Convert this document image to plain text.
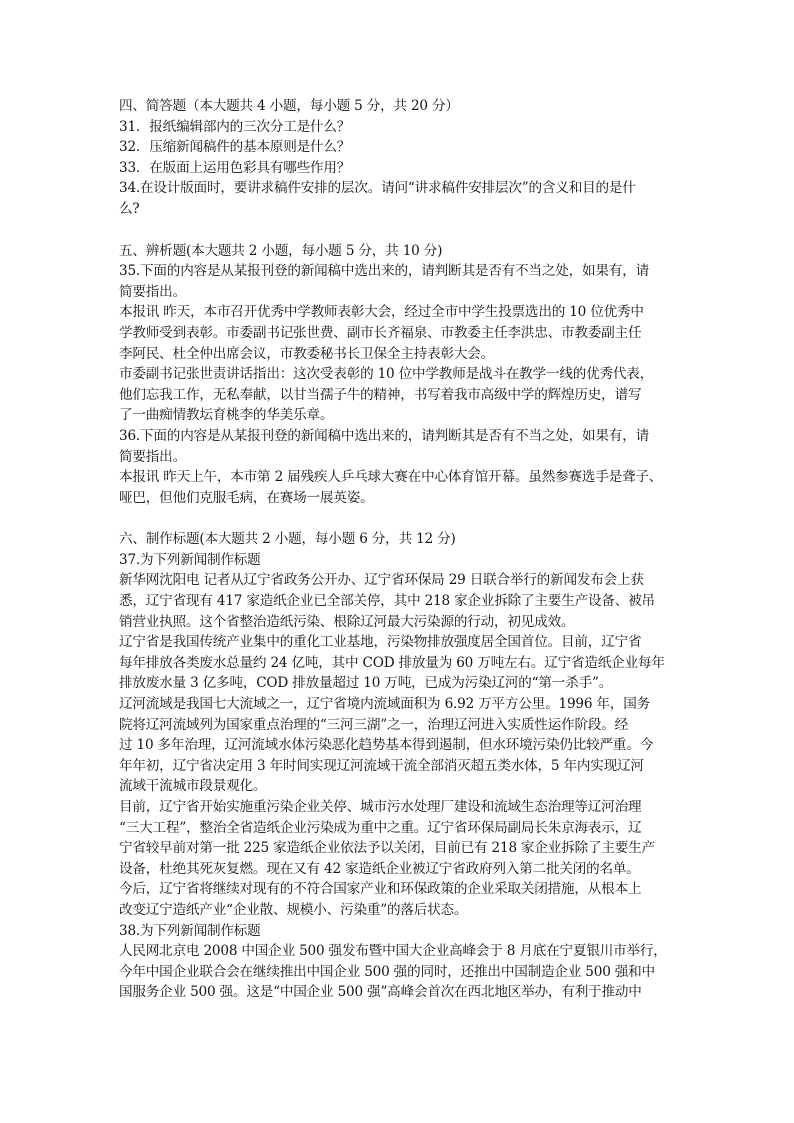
四、简答题（本大题共 4 小题，每小题 5 分，共 20 分）
31．报纸编辑部内的三次分工是什么？
32．压缩新闻稿件的基本原则是什么？
33．在版面上运用色彩具有哪些作用？
34.在设计版面时，要讲求稿件安排的层次。请问“讲求稿件安排层次”的含义和目的是什
么?
五、辨析题(本大题共 2 小题，每小题 5 分，共 10 分)
35.下面的内容是从某报刊登的新闻稿中选出来的，请判断其是否有不当之处，如果有，请
简要指出。
本报讯 昨天，本市召开优秀中学教师表彰大会，经过全市中学生投票选出的 10 位优秀中
学教师受到表彰。市委副书记张世费、副市长齐福泉、市教委主任李洪忠、市教委副主任
李阿民、杜全仲出席会议，市教委秘书长卫保全主持表彰大会。
市委副书记张世责讲话指出：这次受表彰的 10 位中学教师是战斗在教学一线的优秀代表，
他们忘我工作，无私奉献，以甘当孺子牛的精神，书写着我市高级中学的辉煌历史，谱写
了一曲痴情教坛育桃李的华美乐章。
36.下面的内容是从某报刊登的新闻稿中选出来的，请判断其是否有不当之处，如果有，请
简要指出。
本报讯 昨天上午，本市第 2 届残疾人乒乓球大赛在中心体育馆开幕。虽然参赛选手是聋子、
哑巴，但他们克服毛病，在赛场一展英姿。
六、制作标题(本大题共 2 小题，每小题 6 分，共 12 分)
37.为下列新闻制作标题
新华网沈阳电 记者从辽宁省政务公开办、辽宁省环保局 29 日联合举行的新闻发布会上获
悉，辽宁省现有 417 家造纸企业已全部关停，其中 218 家企业拆除了主要生产设备、被吊
销营业执照。这个省整治造纸污染、根除辽河最大污染源的行动，初见成效。
辽宁省是我国传统产业集中的重化工业基地，污染物排放强度居全国首位。目前，辽宁省
每年排放各类废水总量约 24 亿吨，其中 COD 排放量为 60 万吨左右。辽宁省造纸企业每年
排放废水量 3 亿多吨，COD 排放量超过 10 万吨，已成为污染辽河的“第一杀手”。
辽河流域是我国七大流域之一，辽宁省境内流域面积为 6.92 万平方公里。1996 年，国务
院将辽河流域列为国家重点治理的“三河三湖”之一，治理辽河进入实质性运作阶段。经
过 10 多年治理，辽河流域水体污染恶化趋势基本得到遏制，但水环境污染仍比较严重。今
年年初，辽宁省决定用 3 年时间实现辽河流域干流全部消灭超五类水体，5 年内实现辽河
流域干流城市段景观化。
目前，辽宁省开始实施重污染企业关停、城市污水处理厂建设和流域生态治理等辽河治理
“三大工程”，整治全省造纸企业污染成为重中之重。辽宁省环保局副局长朱京海表示，辽
宁省较早前对第一批 225 家造纸企业依法予以关闭，目前已有 218 家企业拆除了主要生产
设备，杜绝其死灰复燃。现在又有 42 家造纸企业被辽宁省政府列入第二批关闭的名单。
今后，辽宁省将继续对现有的不符合国家产业和环保政策的企业采取关闭措施，从根本上
改变辽宁造纸产业“企业散、规模小、污染重”的落后状态。
38.为下列新闻制作标题
人民网北京电 2008 中国企业 500 强发布暨中国大企业高峰会于 8 月底在宁夏银川市举行，
今年中国企业联合会在继续推出中国企业 500 强的同时，还推出中国制造企业 500 强和中
国服务企业 500 强。这是“中国企业 500 强”高峰会首次在西北地区举办，有利于推动中
